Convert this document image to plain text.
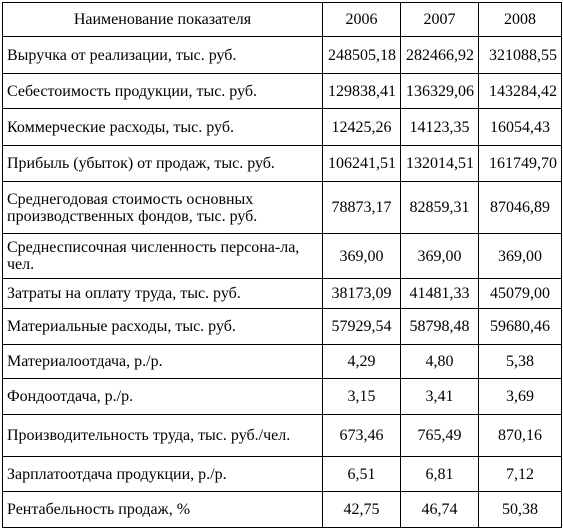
Наименование показателя	2006	2007	2008
Выручка от реализации, тыс. руб.	248505,18	282466,92	321088,55
Себестоимость продукции, тыс. руб.	129838,41	136329,06	143284,42
Коммерческие расходы, тыс. руб.	12425,26	14123,35	16054,43
Прибыль (убыток) от продаж, тыс. руб.	106241,51	132014,51	161749,70
Среднегодовая стоимость основных производственных фондов, тыс. руб.	78873,17	82859,31	87046,89
Среднесписочная численность персона-ла, чел.	369,00	369,00	369,00
Затраты на оплату труда, тыс. руб.	38173,09	41481,33	45079,00
Материальные расходы, тыс. руб.	57929,54	58798,48	59680,46
Материалоотдача, р./р.	4,29	4,80	5,38
Фондоотдача, р./р.	3,15	3,41	3,69
Производительность труда, тыс. руб./чел.	673,46	765,49	870,16
Зарплатоотдача продукции, р./р.	6,51	6,81	7,12
Рентабельность продаж, %	42,75	46,74	50,38
